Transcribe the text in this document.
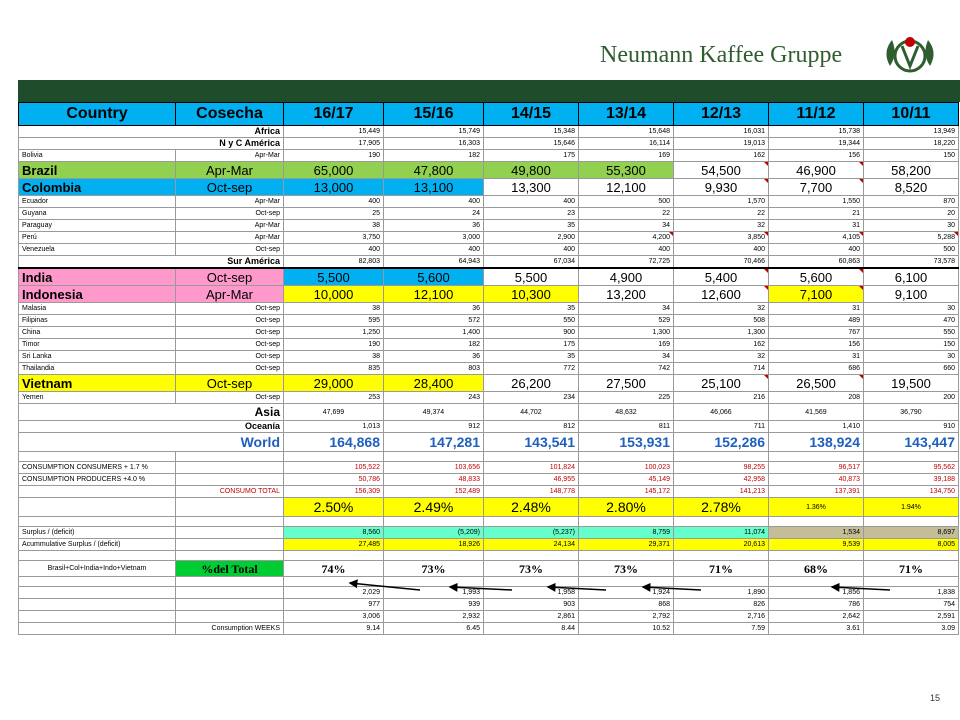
Neumann Kaffee Gruppe
Country	Cosecha	16/17	15/16	14/15	13/14	12/13	11/12	10/11
Africa		15,449	15,749	15,348	15,648	16,031	15,738	13,949
N y C América		17,905	16,303	15,646	16,114	19,013	19,344	18,220
Bolivia	Apr-Mar	190	182	175	169	162	156	150
Brazil	Apr-Mar	65,000	47,800	49,800	55,300	54,500	46,900	58,200
Colombia	Oct-sep	13,000	13,100	13,300	12,100	9,930	7,700	8,520
Ecuador	Apr-Mar	400	400	400	500	1,570	1,550	870
Guyana	Oct-sep	25	24	23	22	22	21	20
Paraguay	Apr-Mar	38	36	35	34	32	31	30
Perú	Apr-Mar	3,750	3,000	2,900	4,200	3,850	4,105	5,288
Venezuela	Oct-sep	400	400	400	400	400	400	500
Sur América		82,803	64,943	67,034	72,725	70,466	60,863	73,578
India	Oct-sep	5,500	5,600	5,500	4,900	5,400	5,600	6,100
Indonesia	Apr-Mar	10,000	12,100	10,300	13,200	12,600	7,100	9,100
Malasia	Oct-sep	38	36	35	34	32	31	30
Filipinas	Oct-sep	595	572	550	529	508	489	470
China	Oct-sep	1,250	1,400	900	1,300	1,300	767	550
Timor	Oct-sep	190	182	175	169	162	156	150
Sri Lanka	Oct-sep	38	36	35	34	32	31	30
Thailandia	Oct-sep	835	803	772	742	714	686	660
Vietnam	Oct-sep	29,000	28,400	26,200	27,500	25,100	26,500	19,500
Yemen	Oct-sep	253	243	234	225	216	208	200
Asia		47,699	49,374	44,702	48,632	46,066	41,569	36,790
Oceanía		1,013	912	812	811	711	1,410	910
World		164,868	147,281	143,541	153,931	152,286	138,924	143,447

CONSUMPTION CONSUMERS + 1.7 %		105,522	103,656	101,824	100,023	98,255	96,517	95,562
CONSUMPTION PRODUCERS +4.0 %		50,786	48,833	46,955	45,149	42,958	40,873	39,188
	CONSUMO TOTAL	156,309	152,489	148,778	145,172	141,213	137,391	134,750
		2.50%	2.49%	2.48%	2.80%	2.78%	1.36%	1.94%

Surplus / (deficit)		8,560	(5,209)	(5,237)	8,759	11,074	1,534	8,697
Acummulative Surplus / (deficit)		27,485	18,926	24,134	29,371	20,613	9,539	8,005

Brasil+Col+India+Indo+Vietnam	%del Total	74%	73%	73%	73%	71%	68%	71%

		2,029	1,993	1,958	1,924	1,890	1,856	1,838
		977	939	903	868	826	786	754
		3,006	2,932	2,861	2,792	2,716	2,642	2,591
	Consumption WEEKS	9.14	6.45	8.44	10.52	7.59	3.61	3.09
15
